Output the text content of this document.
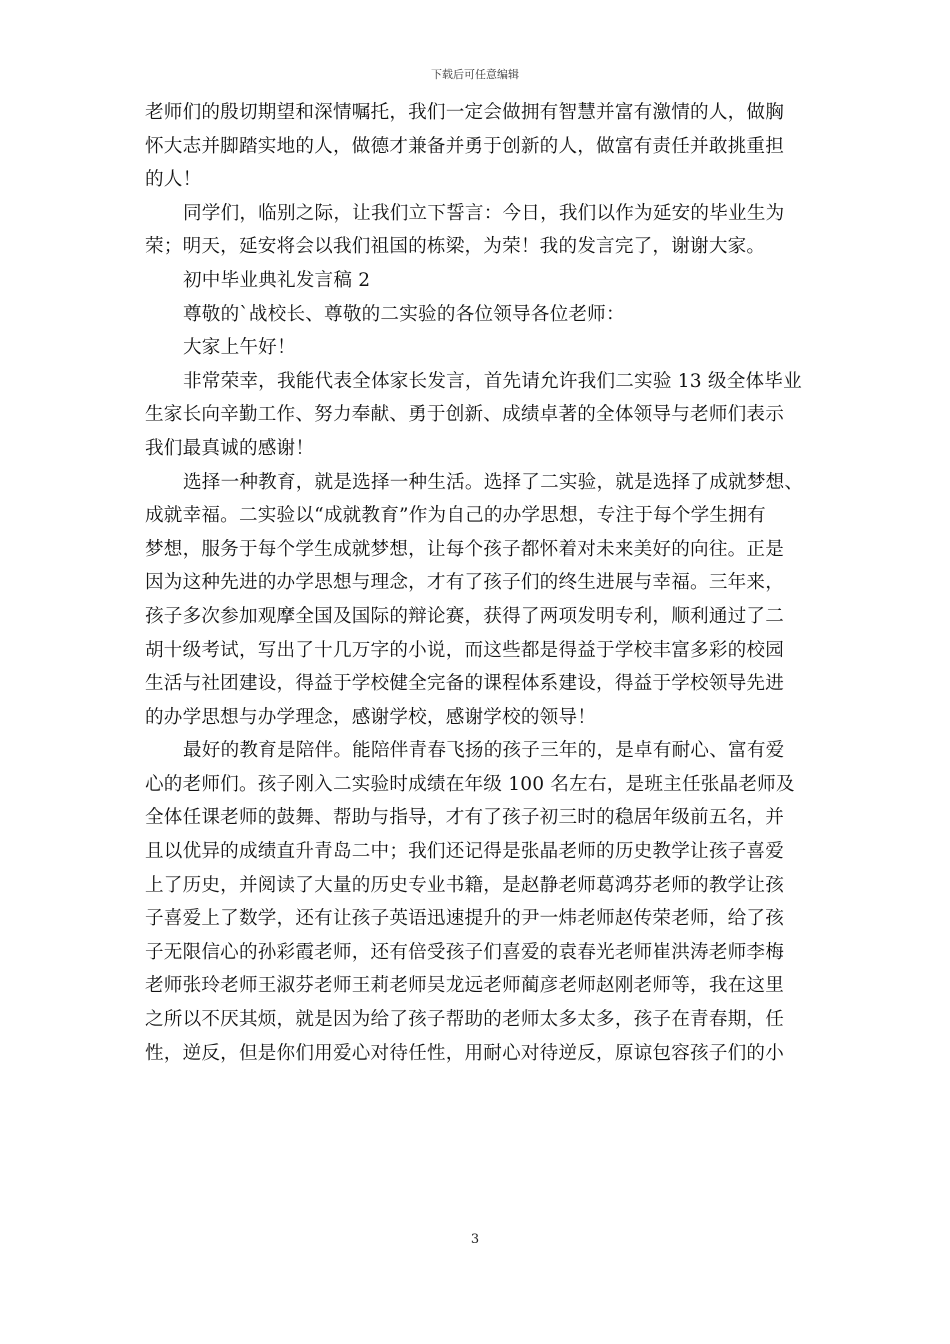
下载后可任意编辑
老师们的殷切期望和深情嘱托，我们一定会做拥有智慧并富有激情的人，做胸
怀大志并脚踏实地的人，做德才兼备并勇于创新的人，做富有责任并敢挑重担
的人！
同学们，临别之际，让我们立下誓言：今日，我们以作为延安的毕业生为
荣；明天，延安将会以我们祖国的栋梁，为荣！我的发言完了，谢谢大家。
初中毕业典礼发言稿 2
尊敬的`战校长、尊敬的二实验的各位领导各位老师：
大家上午好！
非常荣幸，我能代表全体家长发言，首先请允许我们二实验 13 级全体毕业
生家长向辛勤工作、努力奉献、勇于创新、成绩卓著的全体领导与老师们表示
我们最真诚的感谢！
选择一种教育，就是选择一种生活。选择了二实验，就是选择了成就梦想、
成就幸福。二实验以“成就教育”作为自己的办学思想，专注于每个学生拥有
梦想，服务于每个学生成就梦想，让每个孩子都怀着对未来美好的向往。正是
因为这种先进的办学思想与理念，才有了孩子们的终生进展与幸福。三年来，
孩子多次参加观摩全国及国际的辩论赛，获得了两项发明专利，顺利通过了二
胡十级考试，写出了十几万字的小说，而这些都是得益于学校丰富多彩的校园
生活与社团建设，得益于学校健全完备的课程体系建设，得益于学校领导先进
的办学思想与办学理念，感谢学校，感谢学校的领导！
最好的教育是陪伴。能陪伴青春飞扬的孩子三年的，是卓有耐心、富有爱
心的老师们。孩子刚入二实验时成绩在年级 100 名左右，是班主任张晶老师及
全体任课老师的鼓舞、帮助与指导，才有了孩子初三时的稳居年级前五名，并
且以优异的成绩直升青岛二中；我们还记得是张晶老师的历史教学让孩子喜爱
上了历史，并阅读了大量的历史专业书籍，是赵静老师葛鸿芬老师的教学让孩
子喜爱上了数学，还有让孩子英语迅速提升的尹一炜老师赵传荣老师，给了孩
子无限信心的孙彩霞老师，还有倍受孩子们喜爱的袁春光老师崔洪涛老师李梅
老师张玲老师王淑芬老师王莉老师吴龙远老师蔺彦老师赵刚老师等，我在这里
之所以不厌其烦，就是因为给了孩子帮助的老师太多太多，孩子在青春期，任
性，逆反，但是你们用爱心对待任性，用耐心对待逆反，原谅包容孩子们的小
3
